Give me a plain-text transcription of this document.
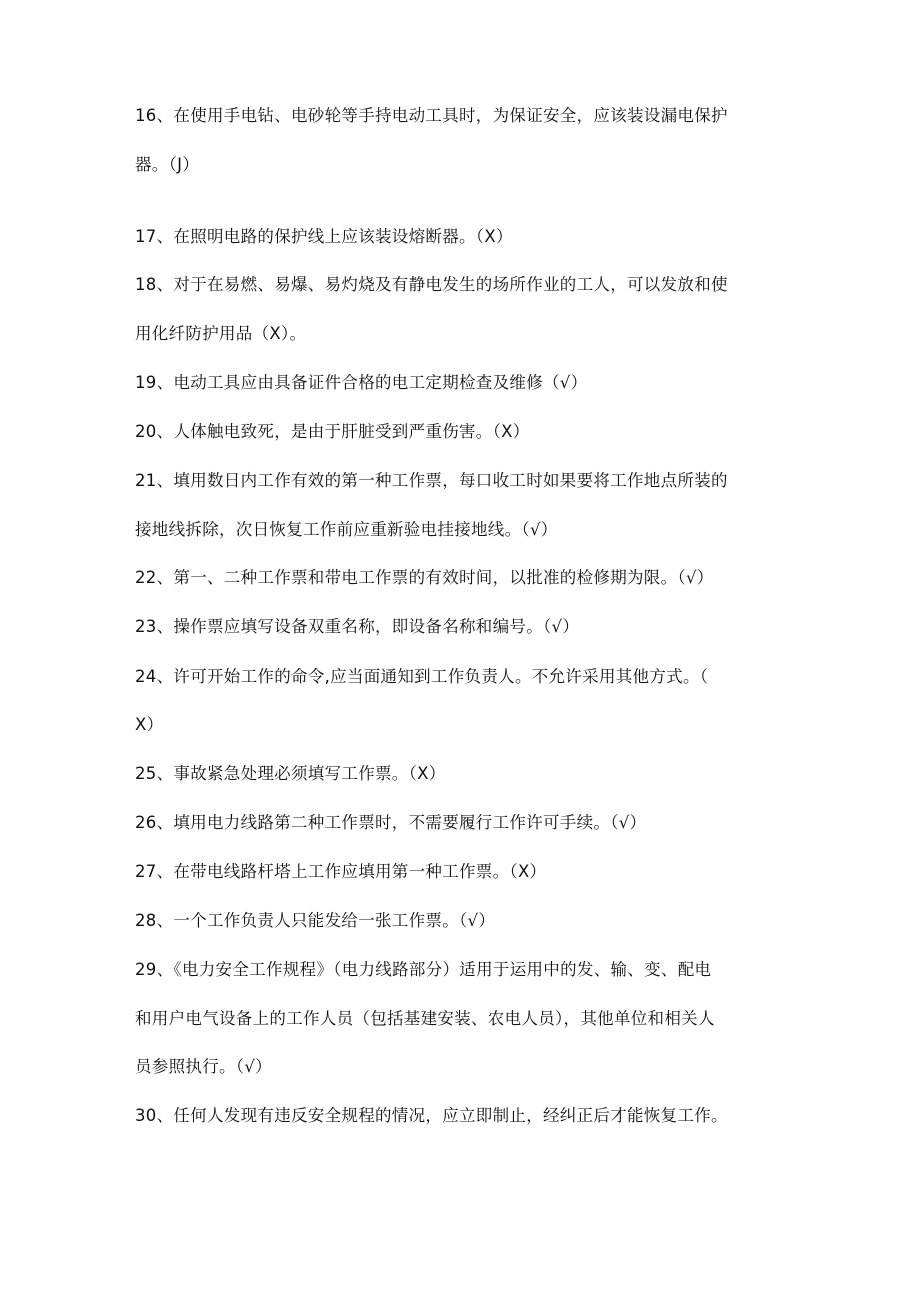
16、在使用手电钻、电砂轮等手持电动工具时，为保证安全，应该装设漏电保护
器。（J）
17、在照明电路的保护线上应该装设熔断器。（X）
18、对于在易燃、易爆、易灼烧及有静电发生的场所作业的工人，可以发放和使
用化纤防护用品（X）。
19、电动工具应由具备证件合格的电工定期检查及维修（√）
20、人体触电致死，是由于肝脏受到严重伤害。（X）
21、填用数日内工作有效的第一种工作票，每口收工时如果要将工作地点所装的
接地线拆除，次日恢复工作前应重新验电挂接地线。（√）
22、第一、二种工作票和带电工作票的有效时间，以批准的检修期为限。（√）
23、操作票应填写设备双重名称，即设备名称和编号。（√）
24、许可开始工作的命令,应当面通知到工作负责人。不允许采用其他方式。（
X）
25、事故紧急处理必须填写工作票。（X）
26、填用电力线路第二种工作票时，不需要履行工作许可手续。（√）
27、在带电线路杆塔上工作应填用第一种工作票。（X）
28、一个工作负责人只能发给一张工作票。（√）
29、《电力安全工作规程》（电力线路部分）适用于运用中的发、输、变、配电
和用户电气设备上的工作人员（包括基建安装、农电人员），其他单位和相关人
员参照执行。（√）
30、任何人发现有违反安全规程的情况，应立即制止，经纠正后才能恢复工作。
